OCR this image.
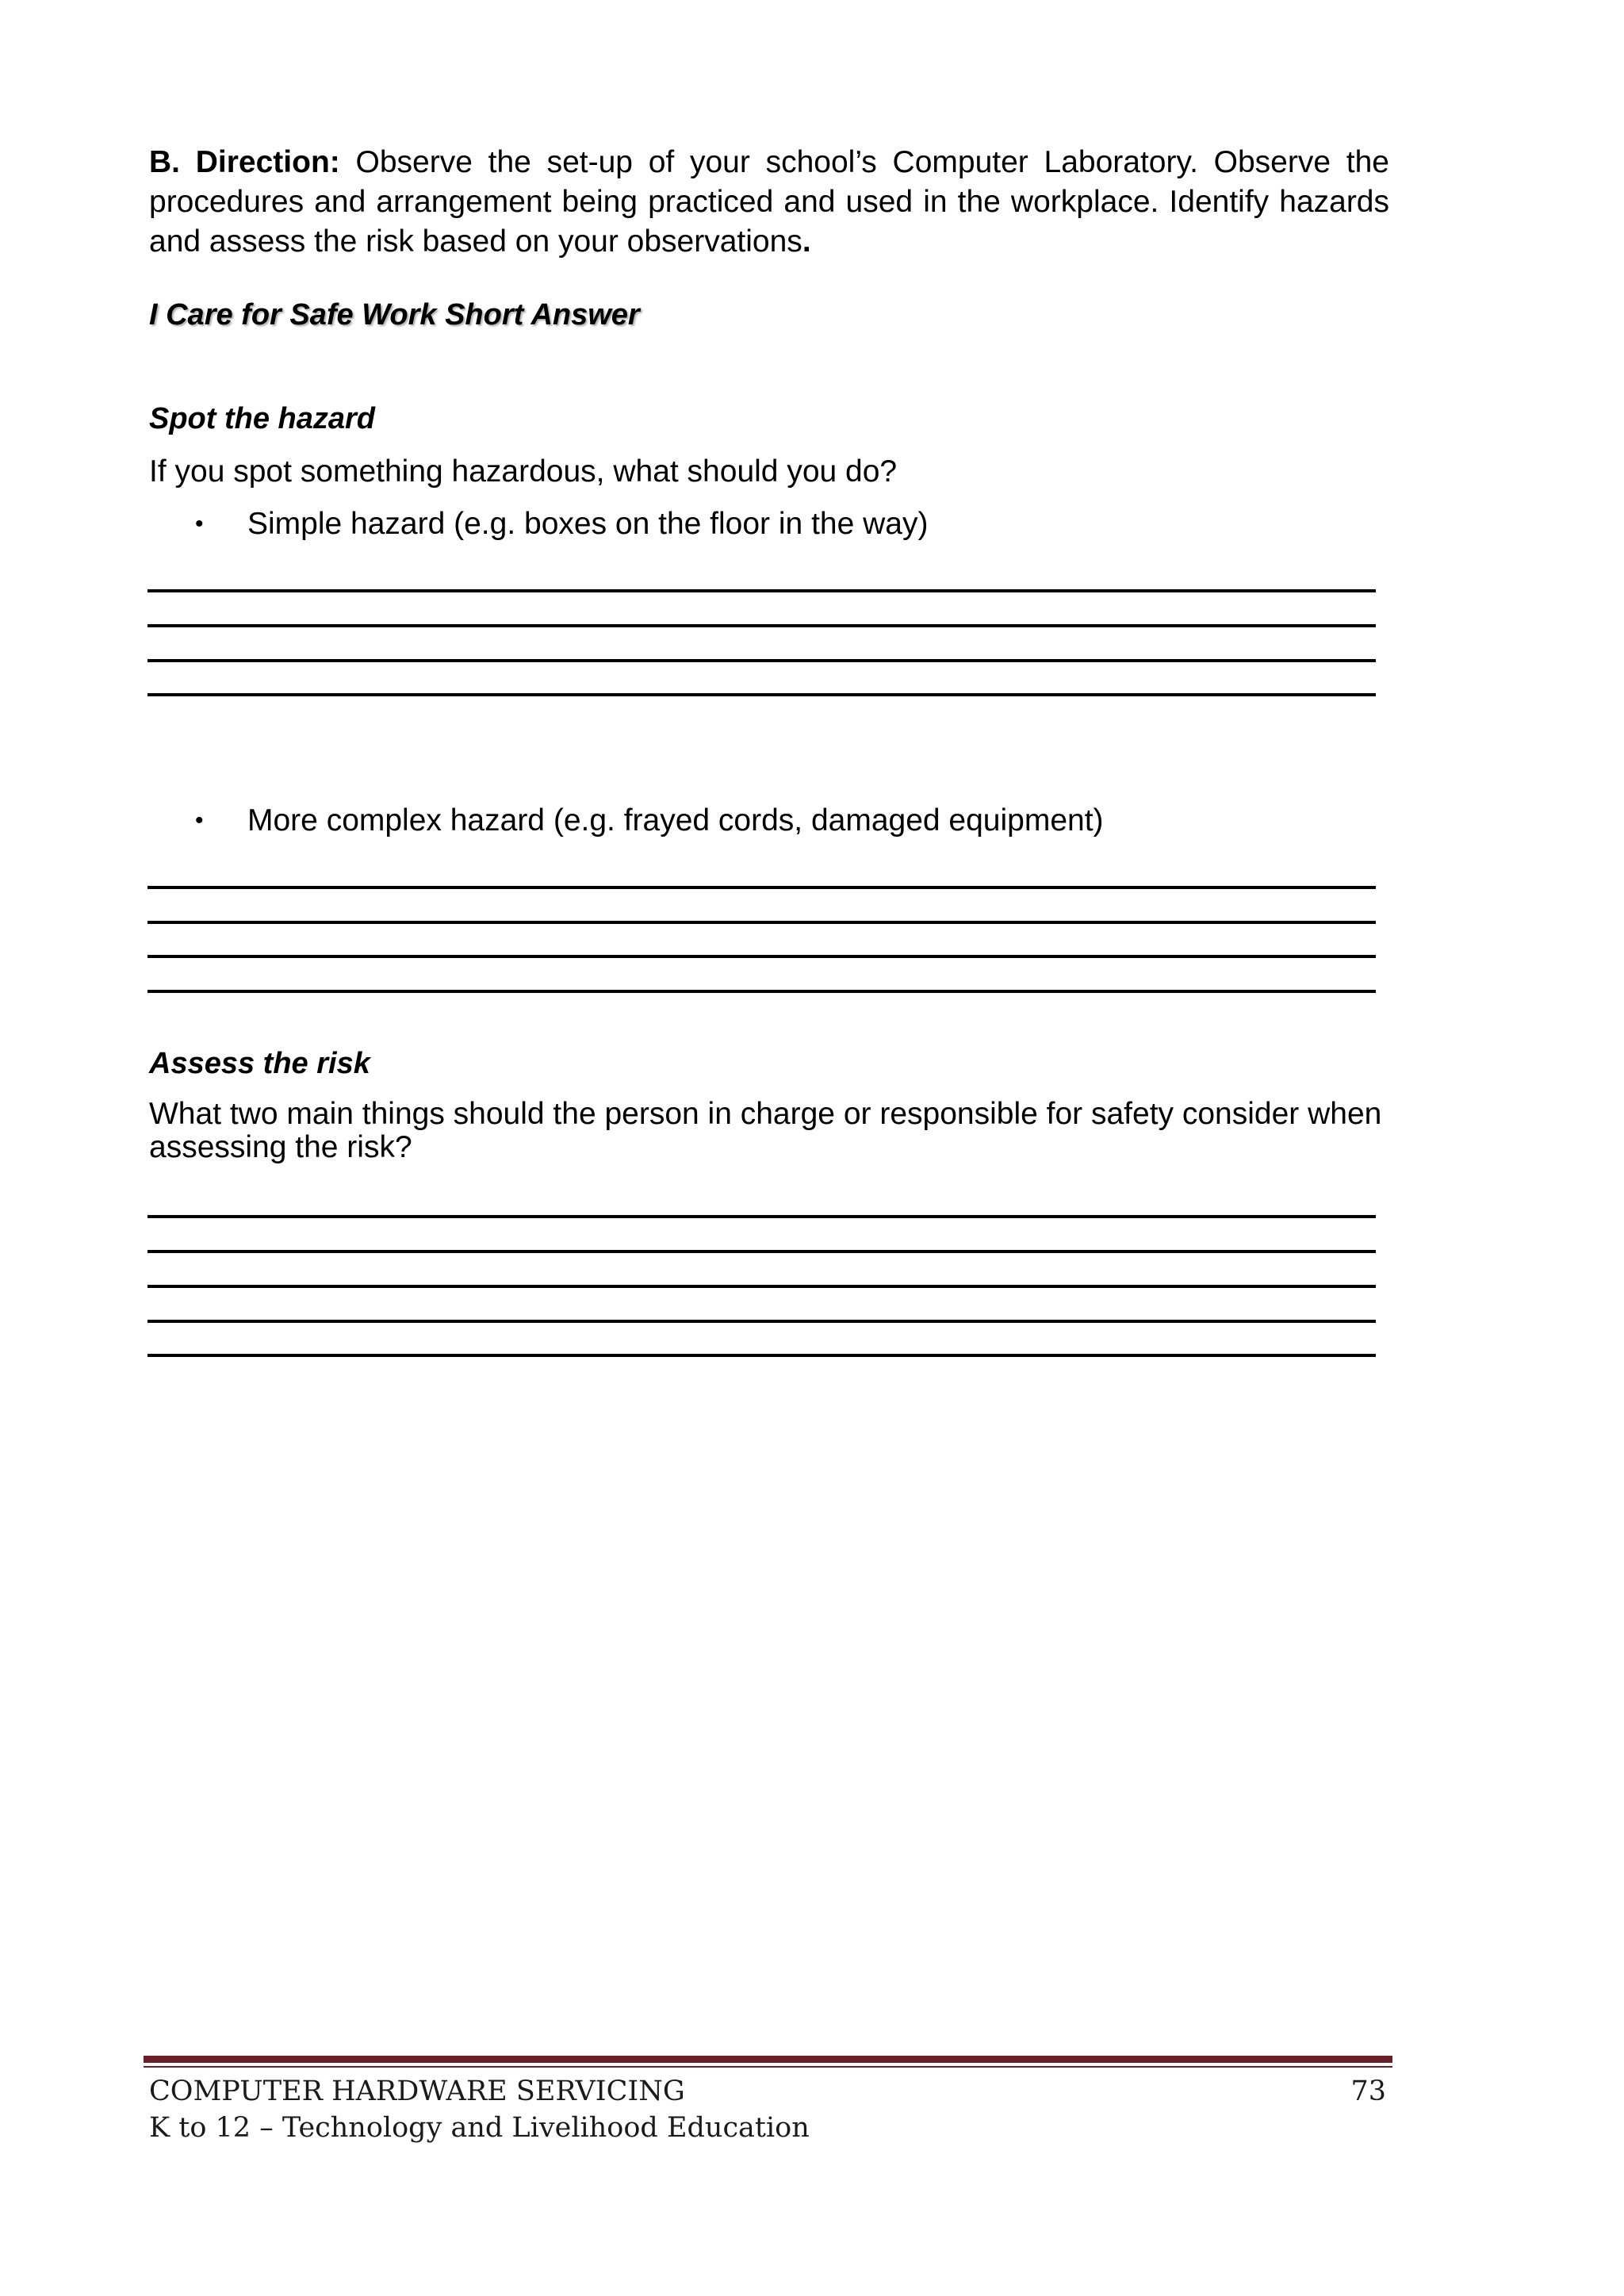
B. Direction: Observe the set-up of your school’s Computer Laboratory. Observe the procedures and arrangement being practiced and used in the workplace. Identify hazards and assess the risk based on your observations.

I Care for Safe Work Short Answer
Spot the hazard
If you spot something hazardous, what should you do?
•	Simple hazard (e.g. boxes on the floor in the way)
•	More complex hazard (e.g. frayed cords, damaged equipment)
Assess the risk
What two main things should the person in charge or responsible for safety consider when assessing the risk?
COMPUTER HARDWARE SERVICING	73
K to 12 – Technology and Livelihood Education
